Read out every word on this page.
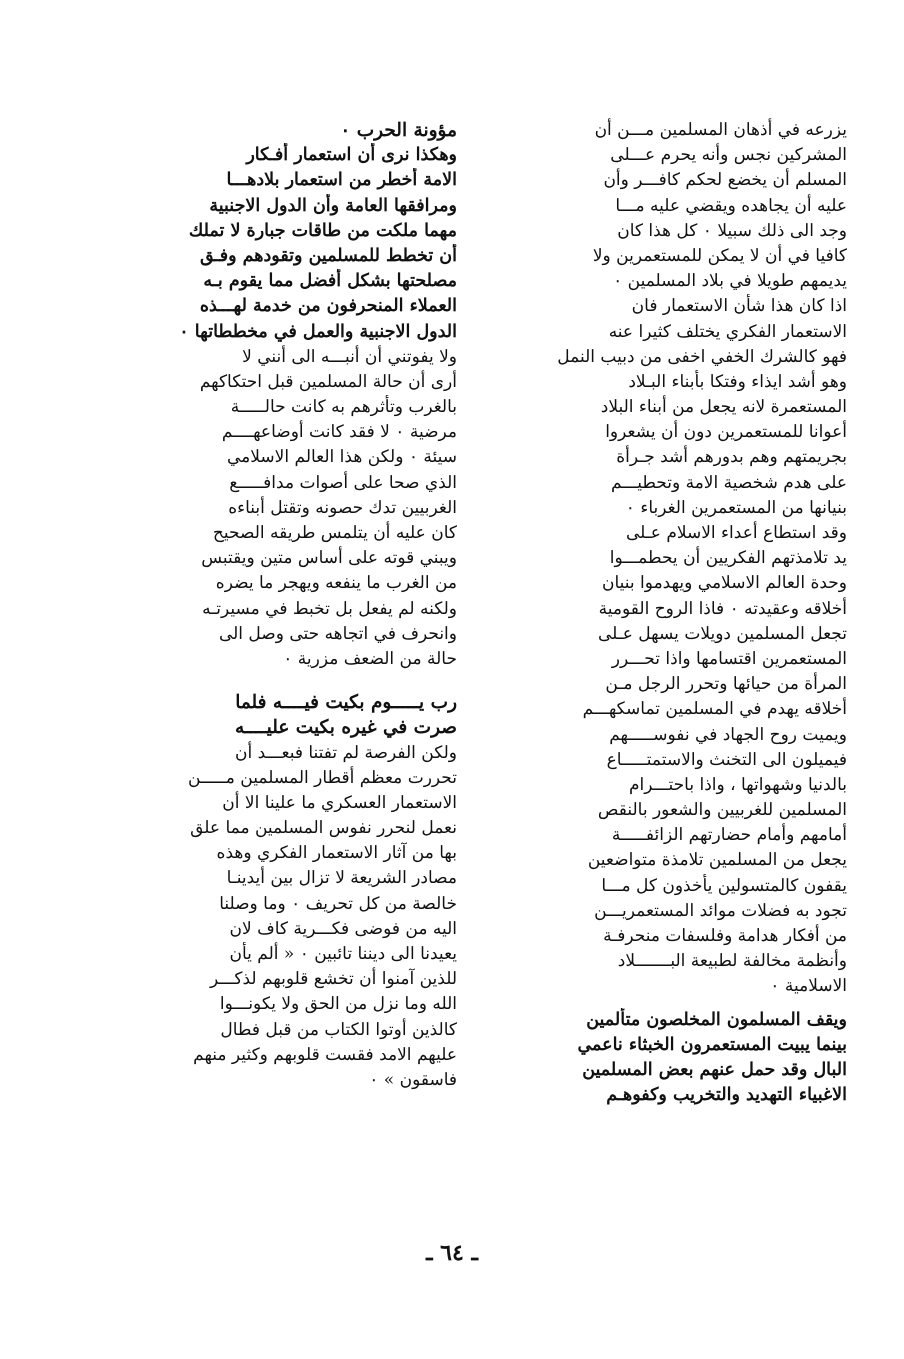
يزرعه في أذهان المسلمين مـــن أن
المشركين نجس وأنه يحرم عـــلى
المسلم أن يخضع لحكم كافـــر وأن
عليه أن يجاهده ويقضي عليه مـــا
وجد الى ذلك سبيلا ٠ كل هذا كان
كافيا في أن لا يمكن للمستعمرين ولا
يديمهم طويلا في بلاد المسلمين ٠
اذا كان هذا شأن الاستعمار فان
الاستعمار الفكري يختلف كثيرا عنه
فهو كالشرك الخفي اخفى من دبيب النمل
وهو أشد ايذاء وفتكا بأبناء البـلاد
المستعمرة لانه يجعل من أبناء البلاد
أعوانا للمستعمرين دون أن يشعروا
بجريمتهم وهم بدورهم أشد جـرأة
على هدم شخصية الامة وتحطيـــم
بنيانها من المستعمرين الغرباء ٠
وقد استطاع أعداء الاسلام عـلى
يد تلامذتهم الفكريين أن يحطمـــوا
وحدة العالم الاسلامي ويهدموا بنيان
أخلاقه وعقيدته ٠ فاذا الروح القومية
تجعل المسلمين دويلات يسهل عـلى
المستعمرين اقتسامها واذا تحـــرر
المرأة من حيائها وتحرر الرجل مـن
أخلاقه يهدم في المسلمين تماسكهـــم
ويميت روح الجهاد في نفوســـــهم
فيميلون الى التخنث والاستمتـــــاع
بالدنيا وشهواتها ، واذا باحتـــرام
المسلمين للغربيين والشعور بالنقص
أمامهم وأمام حضارتهم الزائفـــــة
يجعل من المسلمين تلامذة متواضعين
يقفون كالمتسولين يأخذون كل مـــا
تجود به فضلات موائد المستعمريـــن
من أفكار هدامة وفلسفات منحرفـة
وأنظمة مخالفة لطبيعة البـــــــلاد
الاسلامية ٠
ويقف المسلمون المخلصون متألمين
بينما يبيت المستعمرون الخبثاء ناعمي
البال وقد حمل عنهم بعض المسلمين
الاغبياء التهديد والتخريب وكفوهـم
مؤونة الحرب ٠
وهكذا نرى أن استعمار أفـكار
الامة أخطر من استعمار بلادهـــا
ومرافقها العامة وأن الدول الاجنبية
مهما ملكت من طاقات جبارة لا تملك
أن تخطط للمسلمين وتقودهم وفـق
مصلحتها بشكل أفضل مما يقوم بـه
العملاء المنحرفون من خدمة لهـــذه
الدول الاجنبية والعمل في مخططاتها ٠
ولا يفوتني أن أنبـــه الى أنني لا
أرى أن حالة المسلمين قبل احتكاكهم
بالغرب وتأثرهم به كانت حالـــــة
مرضية ٠ لا فقد كانت أوضاعهــــم
سيئة ٠ ولكن هذا العالم الاسلامي
الذي صحا على أصوات مدافـــــع
الغربيين تدك حصونه وتقتل أبناءه
كان عليه أن يتلمس طريقه الصحيح
ويبني قوته على أساس متين ويقتبس
من الغرب ما ينفعه ويهجر ما يضره
ولكنه لم يفعل بل تخبط في مسيرتـه
وانحرف في اتجاهه حتى وصل الى
حالة من الضعف مزرية ٠
رب يـــــوم بكيت فيــــه فلما
صرت في غيره بكيت عليــــه
ولكن الفرصة لم تفتنا فبعـــد أن
تحررت معظم أقطار المسلمين مـــــن
الاستعمار العسكري ما علينا الا أن
نعمل لنحرر نفوس المسلمين مما علق
بها من آثار الاستعمار الفكري وهذه
مصادر الشريعة لا تزال بين أيدينـا
خالصة من كل تحريف ٠ وما وصلنا
اليه من فوضى فكـــرية كاف لان
يعيدنا الى ديننا تائبين ٠ « ألم يأن
للذين آمنوا أن تخشع قلوبهم لذكـــر
الله وما نزل من الحق ولا يكونـــوا
كالذين أوتوا الكتاب من قبل فطال
عليهم الامد فقست قلوبهم وكثير منهم
فاسقون » ٠
ـ ٦٤ ـ
